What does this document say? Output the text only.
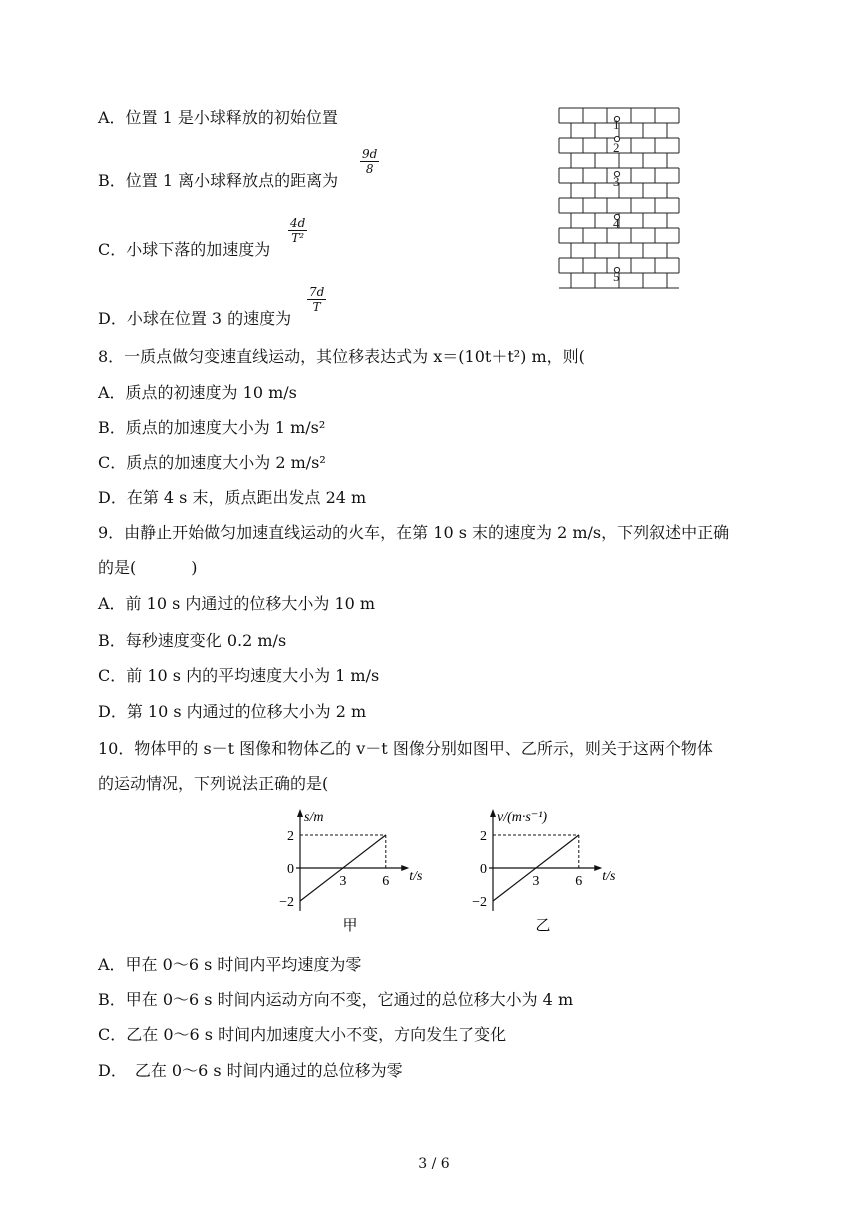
A．位置 1 是小球释放的初始位置
B．位置 1 离小球释放点的距离为
$\frac{9d}{8}$
C．小球下落的加速度为
$\frac{4d}{\text{T²}}$
D．小球在位置 3 的速度为
$\frac{7d}{T}$
1
2
3
4
5
8．一质点做匀变速直线运动，其位移表达式为 x＝(10t＋t²) m，则(
A．质点的初速度为 10 m/s
B．质点的加速度大小为 1 m/s²
C．质点的加速度大小为 2 m/s²
D．在第 4 s 末，质点距出发点 24 m
9．由静止开始做匀加速直线运动的火车，在第 10 s 末的速度为 2 m/s，下列叙述中正确
的是(	)
A．前 10 s 内通过的位移大小为 10 m
B．每秒速度变化 0.2 m/s
C．前 10 s 内的平均速度大小为 1 m/s
D．第 10 s 内通过的位移大小为 2 m
10．物体甲的 s－t 图像和物体乙的 v－t 图像分别如图甲、乙所示，则关于这两个物体
的运动情况，下列说法正确的是(
s/m
t/s
2
0
−2
3	6
甲
v/(m·s⁻¹)
t/s
2
0
−2
3	6
乙
A．甲在 0～6 s 时间内平均速度为零
B．甲在 0～6 s 时间内运动方向不变，它通过的总位移大小为 4 m
C．乙在 0～6 s 时间内加速度大小不变，方向发生了变化
D．　乙在 0～6 s 时间内通过的总位移为零
3 / 6
